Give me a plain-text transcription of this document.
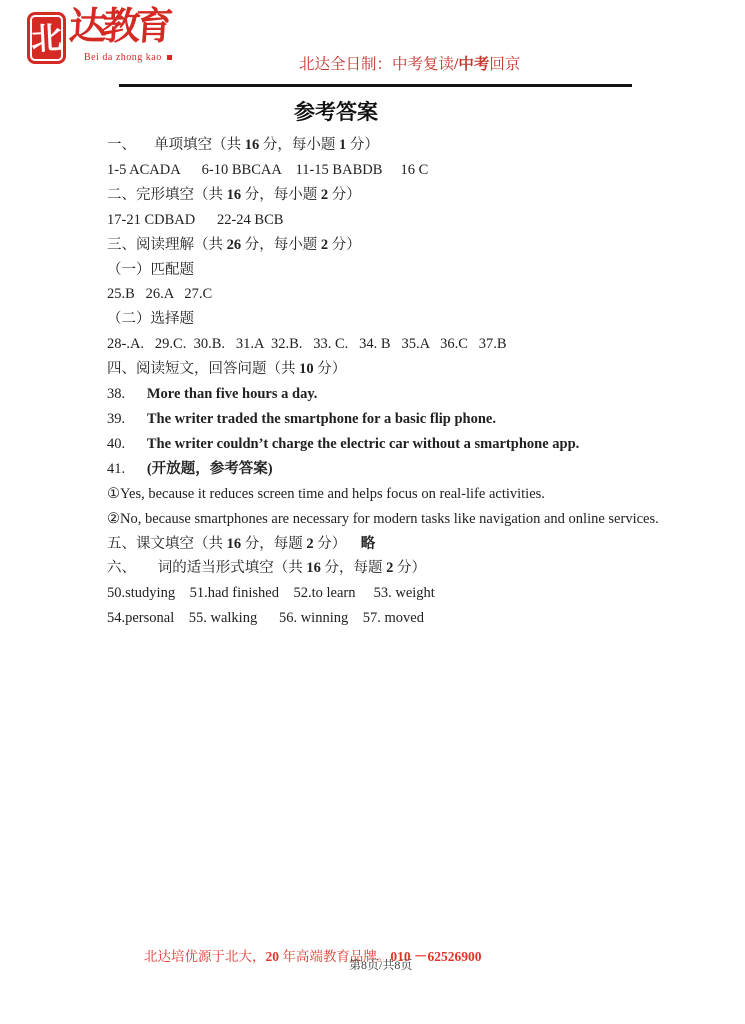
北 达教育
Bei da zhong kao	北达全日制：中考复读/中考回京
参考答案
一、     单项填空（共 16 分，每小题 1 分）
1-5 ACADA      6-10 BBCAA    11-15 BABDB     16 C
二、完形填空（共 16 分，每小题 2 分）
17-21 CDBAD      22-24 BCB
三、阅读理解（共 26 分，每小题 2 分）
（一）匹配题
25.B   26.A   27.C
（二）选择题
28-.A.   29.C.  30.B.   31.A  32.B.   33. C.   34. B   35.A   36.C   37.B
四、阅读短文，回答问题（共 10 分）
38.      More than five hours a day.
39.      The writer traded the smartphone for a basic flip phone.
40.      The writer couldn’t charge the electric car without a smartphone app.
41.      (开放题，参考答案)
①Yes, because it reduces screen time and helps focus on real-life activities.
②No, because smartphones are necessary for modern tasks like navigation and online services.
五、课文填空（共 16 分，每题 2 分）    略
六、      词的适当形式填空（共 16 分，每题 2 分）
50.studying    51.had finished    52.to learn     53. weight
54.personal    55. walking      56. winning    57. moved
北达培优源于北大，20 年高端教育品牌。010 －62526900
第8页/共8页
